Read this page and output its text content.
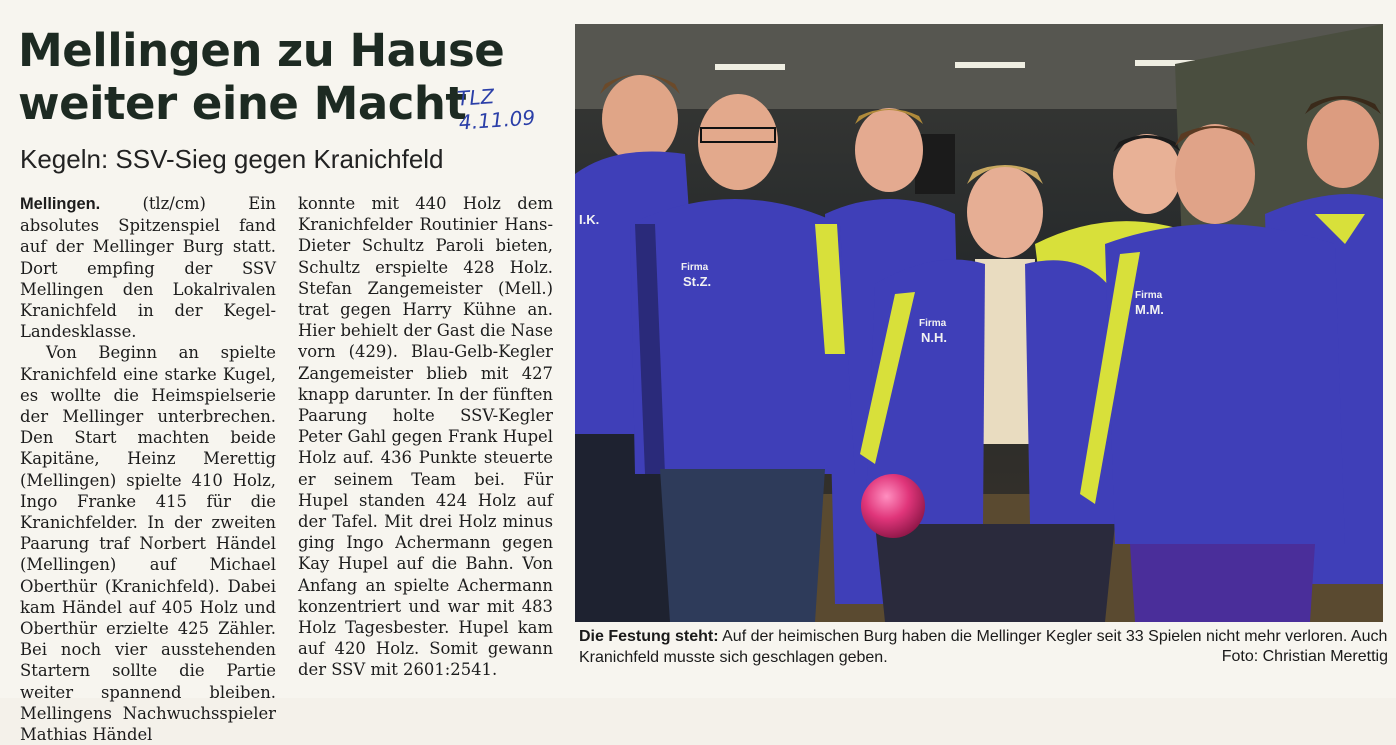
Mellingen zu Hause
weiter eine Macht
TLZ
4.11.09
Kegeln: SSV-Sieg gegen Kranichfeld

Mellingen.	(tlz/cm) Ein absolutes Spitzenspiel fand auf der Mellinger Burg statt. Dort empfing der SSV Mellingen den Lokalrivalen Kranichfeld in der Kegel-Landesklasse.

Von Beginn an spielte Kranichfeld eine starke Kugel, es wollte die Heimspielserie der Mellinger unterbrechen. Den Start machten beide Kapitäne, Heinz Merettig (Mellingen) spielte 410 Holz, Ingo Franke 415 für die Kranichfelder. In der zweiten Paarung traf Norbert Händel (Mellingen) auf Michael Oberthür (Kranichfeld). Dabei kam Händel auf 405 Holz und Oberthür erzielte 425 Zähler. Bei noch vier ausstehenden Startern sollte die Partie weiter spannend bleiben. Mellingens Nachwuchsspieler Mathias Händel

konnte mit 440 Holz dem Kranichfelder Routinier Hans-Dieter Schultz Paroli bieten, Schultz erspielte 428 Holz. Stefan Zangemeister (Mell.) trat gegen Harry Kühne an. Hier behielt der Gast die Nase vorn (429). Blau-Gelb-Kegler Zangemeister blieb mit 427 knapp darunter. In der fünften Paarung holte SSV-Kegler Peter Gahl gegen Frank Hupel Holz auf. 436 Punkte steuerte er seinem Team bei. Für Hupel standen 424 Holz auf der Tafel. Mit drei Holz minus ging Ingo Achermann gegen Kay Hupel auf die Bahn. Von Anfang an spielte Achermann konzentriert und war mit 483 Holz Tagesbester. Hupel kam auf 420 Holz. Somit gewann der SSV mit 2601:2541.

I.K.
St.Z.
Firma
N.H.
Firma
M.M.
Firma
Die Festung steht: Auf der heimischen Burg haben die Mellinger Kegler seit 33 Spielen nicht mehr verloren. Auch Kranichfeld musste sich geschlagen geben.	Foto: Christian Merettig
